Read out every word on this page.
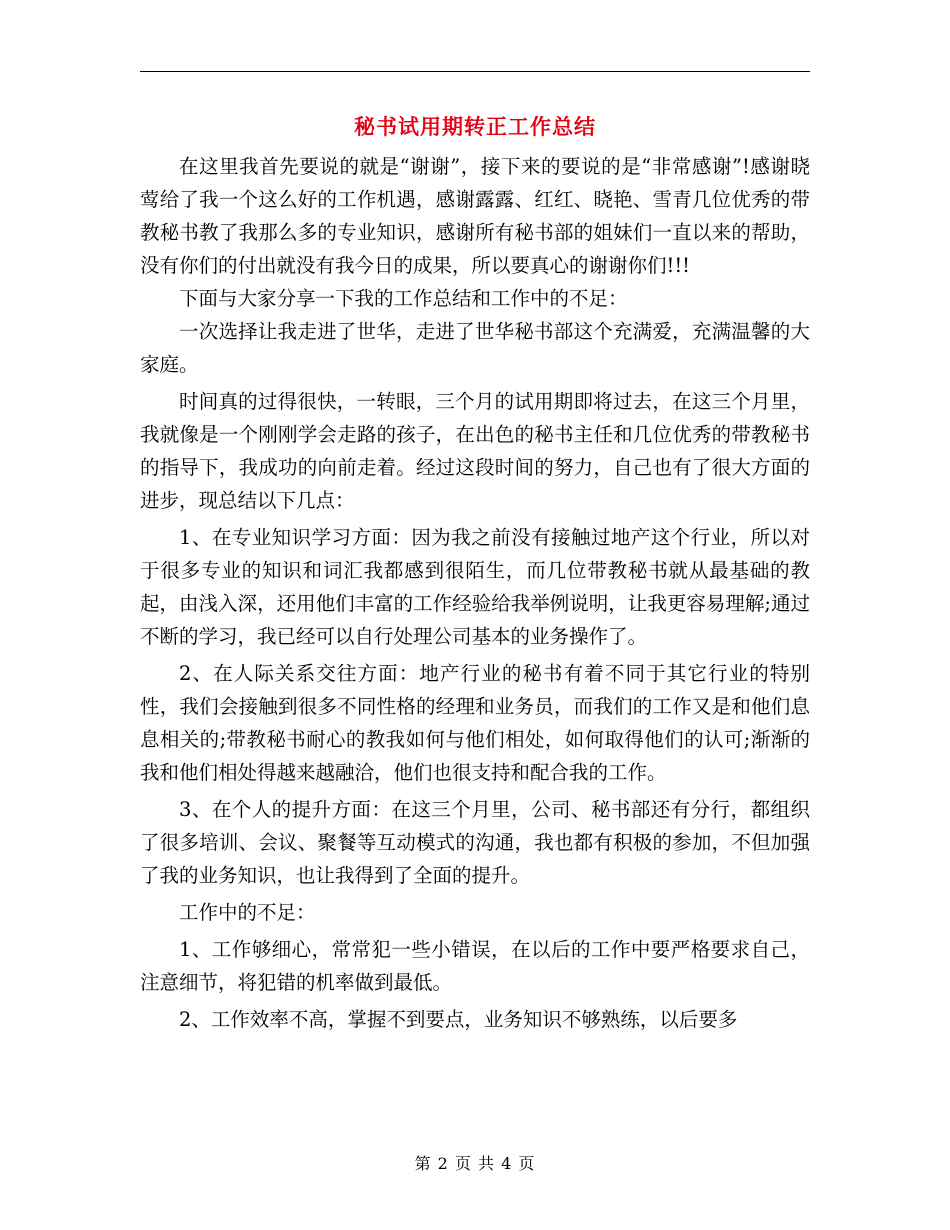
秘书试用期转正工作总结

在这里我首先要说的就是“谢谢”，接下来的要说的是“非常感谢”!感谢晓莺给了我一个这么好的工作机遇，感谢露露、红红、晓艳、雪青几位优秀的带教秘书教了我那么多的专业知识，感谢所有秘书部的姐妹们一直以来的帮助，没有你们的付出就没有我今日的成果，所以要真心的谢谢你们!!!

下面与大家分享一下我的工作总结和工作中的不足：

一次选择让我走进了世华，走进了世华秘书部这个充满爱，充满温馨的大家庭。

时间真的过得很快，一转眼，三个月的试用期即将过去，在这三个月里，我就像是一个刚刚学会走路的孩子，在出色的秘书主任和几位优秀的带教秘书的指导下，我成功的向前走着。经过这段时间的努力，自己也有了很大方面的进步，现总结以下几点：

1、在专业知识学习方面：因为我之前没有接触过地产这个行业，所以对于很多专业的知识和词汇我都感到很陌生，而几位带教秘书就从最基础的教起，由浅入深，还用他们丰富的工作经验给我举例说明，让我更容易理解;通过不断的学习，我已经可以自行处理公司基本的业务操作了。

2、在人际关系交往方面：地产行业的秘书有着不同于其它行业的特别性，我们会接触到很多不同性格的经理和业务员，而我们的工作又是和他们息息相关的;带教秘书耐心的教我如何与他们相处，如何取得他们的认可;渐渐的我和他们相处得越来越融洽，他们也很支持和配合我的工作。

3、在个人的提升方面：在这三个月里，公司、秘书部还有分行，都组织了很多培训、会议、聚餐等互动模式的沟通，我也都有积极的参加，不但加强了我的业务知识，也让我得到了全面的提升。

工作中的不足：

1、工作够细心，常常犯一些小错误，在以后的工作中要严格要求自己，注意细节，将犯错的机率做到最低。

2、工作效率不高，掌握不到要点，业务知识不够熟练，以后要多

第 2 页 共 4 页
